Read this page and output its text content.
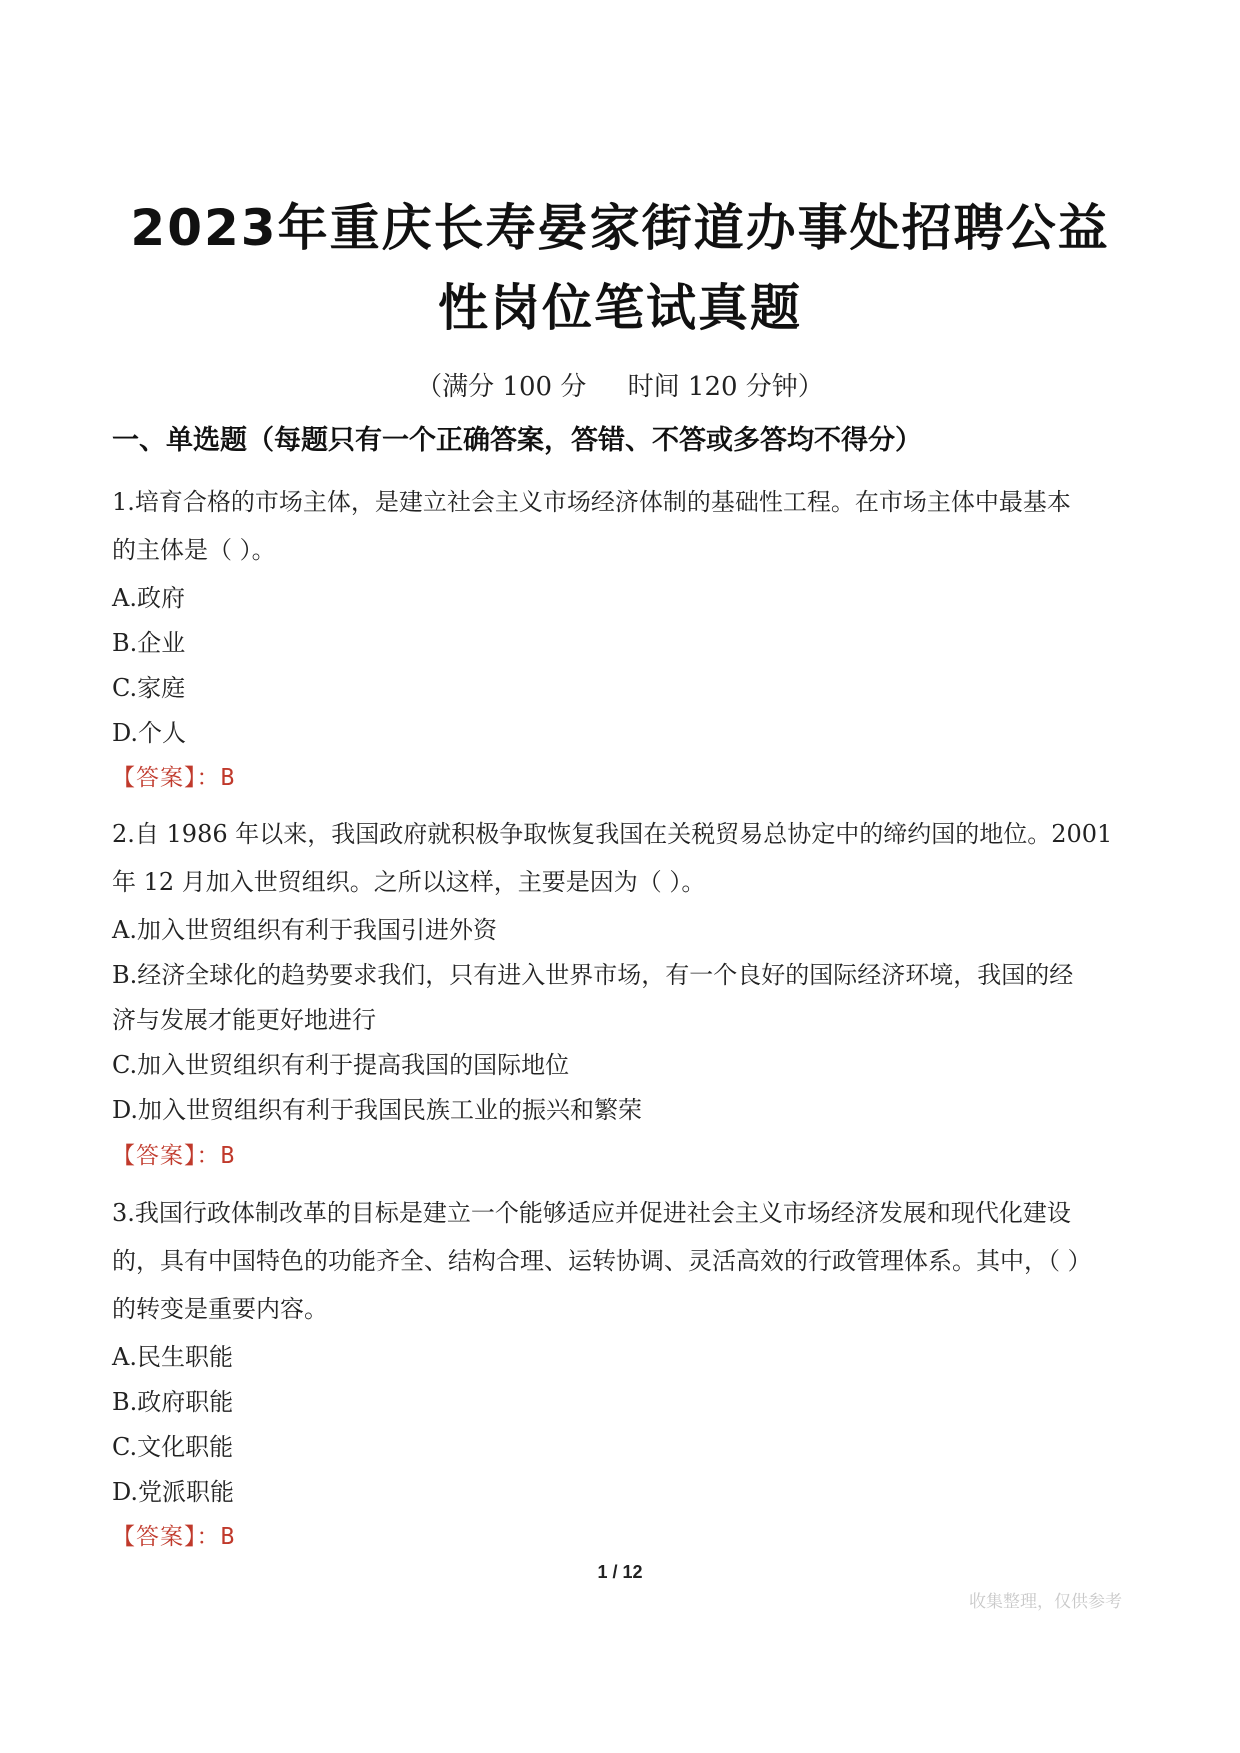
2023年重庆长寿晏家街道办事处招聘公益
性岗位笔试真题
（满分 100 分     时间 120 分钟）
一、单选题（每题只有一个正确答案，答错、不答或多答均不得分）
1.培育合格的市场主体，是建立社会主义市场经济体制的基础性工程。在市场主体中最基本
的主体是（ ）。
A.政府
B.企业
C.家庭
D.个人
【答案】：B
2.自 1986 年以来，我国政府就积极争取恢复我国在关税贸易总协定中的缔约国的地位。2001
年 12 月加入世贸组织。之所以这样，主要是因为（ ）。
A.加入世贸组织有利于我国引进外资
B.经济全球化的趋势要求我们，只有进入世界市场，有一个良好的国际经济环境，我国的经
济与发展才能更好地进行
C.加入世贸组织有利于提高我国的国际地位
D.加入世贸组织有利于我国民族工业的振兴和繁荣
【答案】：B
3.我国行政体制改革的目标是建立一个能够适应并促进社会主义市场经济发展和现代化建设
的，具有中国特色的功能齐全、结构合理、运转协调、灵活高效的行政管理体系。其中，（ ）
的转变是重要内容。
A.民生职能
B.政府职能
C.文化职能
D.党派职能
【答案】：B
1 / 12
收集整理，仅供参考
